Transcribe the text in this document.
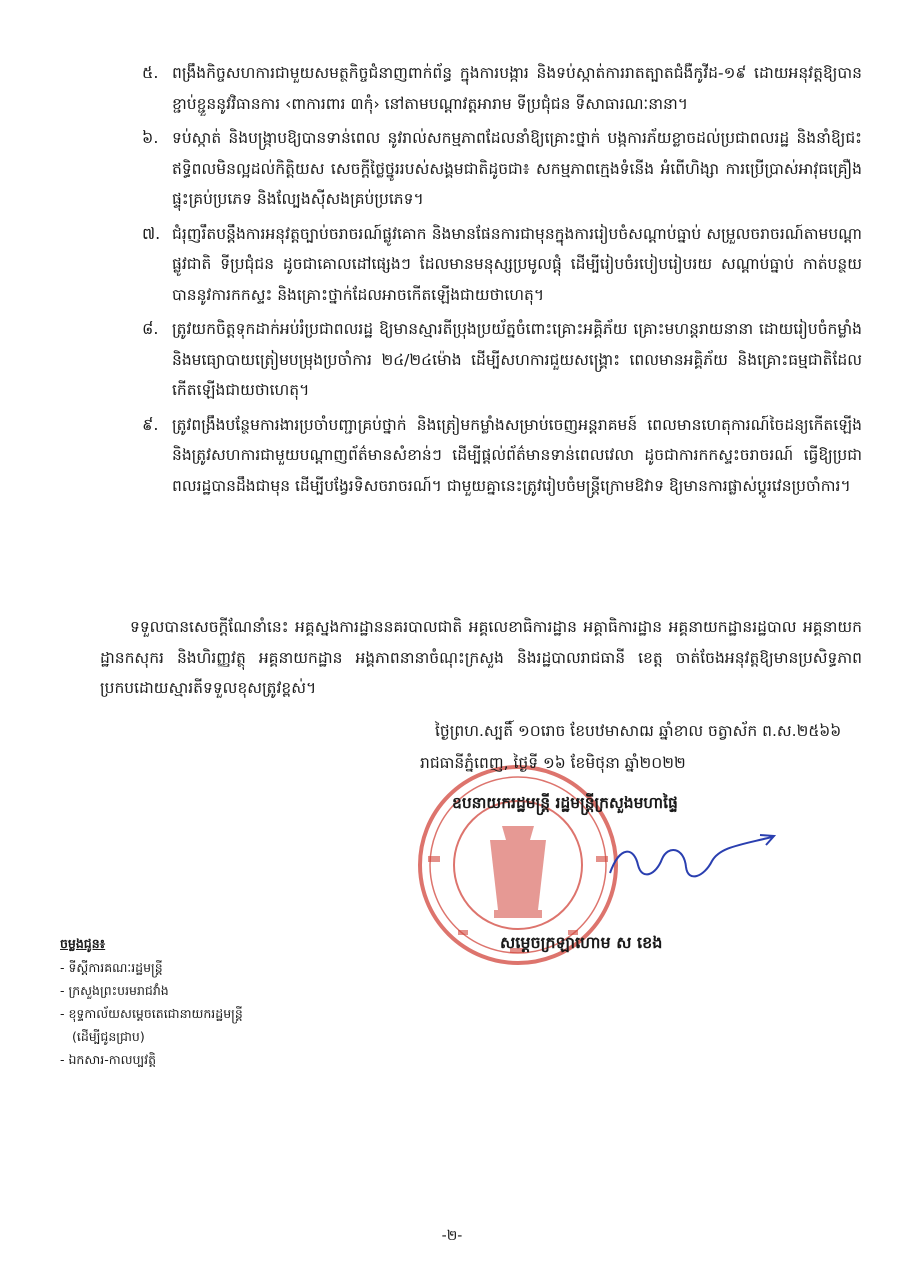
៥. ពង្រឹងកិច្ចសហការជាមួយសមត្ថកិច្ចជំនាញពាក់ព័ន្ធ ក្នុងការបង្ការ និងទប់ស្កាត់ការរាតត្បាតជំងឺកូវីដ-១៩ ដោយអនុវត្តឱ្យបានខ្ជាប់ខ្ជួននូវវិធានការ ‹ពាការពារ ៣កុំ› នៅតាមបណ្តាវត្តអារាម ទីប្រជុំជន ទីសាធារណៈនានា។
៦. ទប់ស្កាត់ និងបង្ក្រាបឱ្យបានទាន់ពេល នូវរាល់សកម្មភាពដែលនាំឱ្យគ្រោះថ្នាក់ បង្កការភ័យខ្លាចដល់ប្រជាពលរដ្ឋ និងនាំឱ្យជះឥទ្ធិពលមិនល្អដល់កិត្តិយស សេចក្តីថ្លៃថ្នូររបស់សង្គមជាតិដូចជា៖ សកម្មភាពក្មេងទំនើង អំពើហិង្សា ការប្រើប្រាស់អាវុធគ្រឿងផ្ទុះគ្រប់ប្រភេទ និងល្បែងស៊ីសងគ្រប់ប្រភេទ។
៧. ជំរុញរឹតបន្តឹងការអនុវត្តច្បាប់ចរាចរណ៍ផ្លូវគោក និងមានផែនការជាមុនក្នុងការរៀបចំសណ្តាប់ធ្នាប់ សម្រួលចរាចរណ៍តាមបណ្តាផ្លូវជាតិ ទីប្រជុំជន ដូចជាគោលដៅផ្សេងៗ ដែលមានមនុស្សប្រមូលផ្តុំ ដើម្បីរៀបចំរបៀបរៀបរយ សណ្តាប់ធ្នាប់ កាត់បន្ថយបាននូវការកកស្ទះ និងគ្រោះថ្នាក់ដែលអាចកើតឡើងជាយថាហេតុ។
៨. ត្រូវយកចិត្តទុកដាក់អប់រំប្រជាពលរដ្ឋ ឱ្យមានស្មារតីប្រុងប្រយ័ត្នចំពោះគ្រោះអគ្គិភ័យ គ្រោះមហន្តរាយនានា ដោយរៀបចំកម្លាំង និងមធ្យោបាយត្រៀមបម្រុងប្រចាំការ ២៤/២៤ម៉ោង ដើម្បីសហការជួយសង្គ្រោះ ពេលមានអគ្គិភ័យ និងគ្រោះធម្មជាតិដែលកើតឡើងជាយថាហេតុ។
៩. ត្រូវពង្រឹងបន្ថែមការងារប្រចាំបញ្ជាគ្រប់ថ្នាក់ និងត្រៀមកម្លាំងសម្រាប់ចេញអន្តរាគមន៍ ពេលមានហេតុការណ៍ចៃដន្យកើតឡើង និងត្រូវសហការជាមួយបណ្តាញព័ត៌មានសំខាន់ៗ ដើម្បីផ្តល់ព័ត៌មានទាន់ពេលវេលា ដូចជាការកកស្ទះចរាចរណ៍ ធ្វើឱ្យប្រជាពលរដ្ឋបានដឹងជាមុន ដើម្បីបង្វែរទិសចរាចរណ៍។ ជាមួយគ្នានេះត្រូវរៀបចំមន្ត្រីក្រោមឱវាទ ឱ្យមានការផ្លាស់ប្តូរវេនប្រចាំការ។
ទទួលបានសេចក្តីណែនាំនេះ អគ្គស្នងការដ្ឋាននគរបាលជាតិ អគ្គលេខាធិការដ្ឋាន អគ្គាធិការដ្ឋាន អគ្គនាយកដ្ឋានរដ្ឋបាល អគ្គនាយកដ្ឋានកសុករ និងហិរញ្ញវត្ថុ អគ្គនាយកដ្ឋាន អង្គភាពនានាចំណុះក្រសួង និងរដ្ឋបាលរាជធានី ខេត្ត ចាត់ចែងអនុវត្តឱ្យមានប្រសិទ្ធភាពប្រកបដោយស្មារតីទទួលខុសត្រូវខ្ពស់។
ថ្ងៃព្រហ.ស្បតិ៍ ១០រោច ខែបឋមាសាឍ ឆ្នាំខាល ចត្វាស័ក ព.ស.២៥៦៦
រាជធានីភ្នំពេញ, ថ្ងៃទី ១៦ ខែមិថុនា ឆ្នាំ២០២២
ឧបនាយករដ្ឋមន្ត្រី រដ្ឋមន្ត្រីក្រសួងមហាផ្ទៃ
សម្តេចក្រឡាហោម ស ខេង
ចម្លងជូន៖
- ទីស្តីការគណៈរដ្ឋមន្ត្រី
- ក្រសួងព្រះបរមរាជវាំង
- ខុទ្ទកាល័យសម្តេចតេជោនាយករដ្ឋមន្ត្រី
(ដើម្បីជូនជ្រាប)
- ឯកសារ-កាលប្បវត្តិ
-២-
